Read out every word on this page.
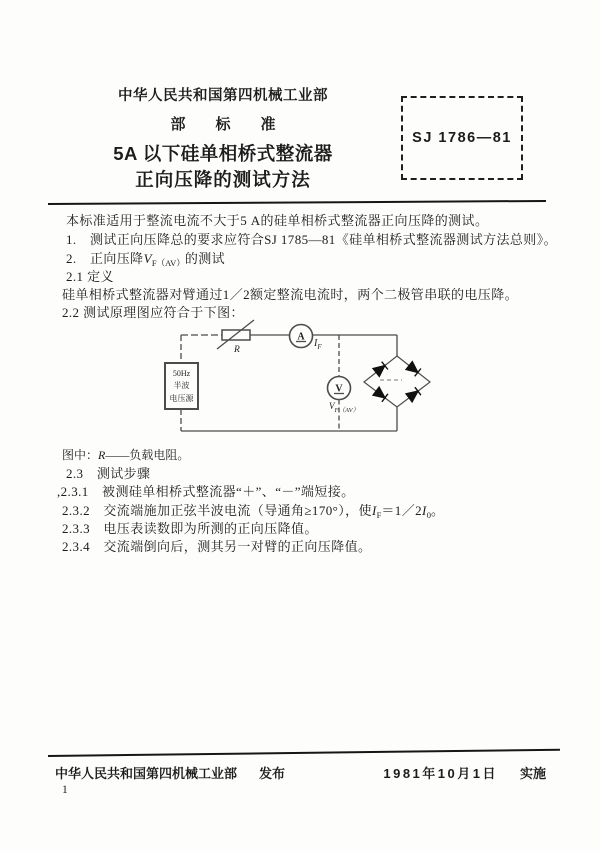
中华人民共和国第四机械工业部
部　　标　　准
5A 以下硅单相桥式整流器
正向压降的测试方法
SJ 1786—81
本标准适用于整流电流不大于5 A的硅单相桥式整流器正向压降的测试。
1.　测试正向压降总的要求应符合SJ 1785—81《硅单相桥式整流器测试方法总则》。
2.　正向压降$V_{F(AV)}$的测试
2.1 定义
硅单相桥式整流器对臂通过1／2额定整流电流时，两个二极管串联的电压降。
2.2 测试原理图应符合于下图：
50Hz
半波
电压源
R
A
$I_F$
V
$V_{F(AV)}$
图中：R——负载电阻。
2.3　测试步骤
,2.3.1　被测硅单相桥式整流器“＋”、“－”端短接。
2.3.2　交流端施加正弦半波电流（导通角≥170°），使$I_F=1/2I_0$。
2.3.3　电压表读数即为所测的正向压降值。
2.3.4　交流端倒向后，测其另一对臂的正向压降值。
中华人民共和国第四机械工业部 发布	1981年10月1日 实施
1
